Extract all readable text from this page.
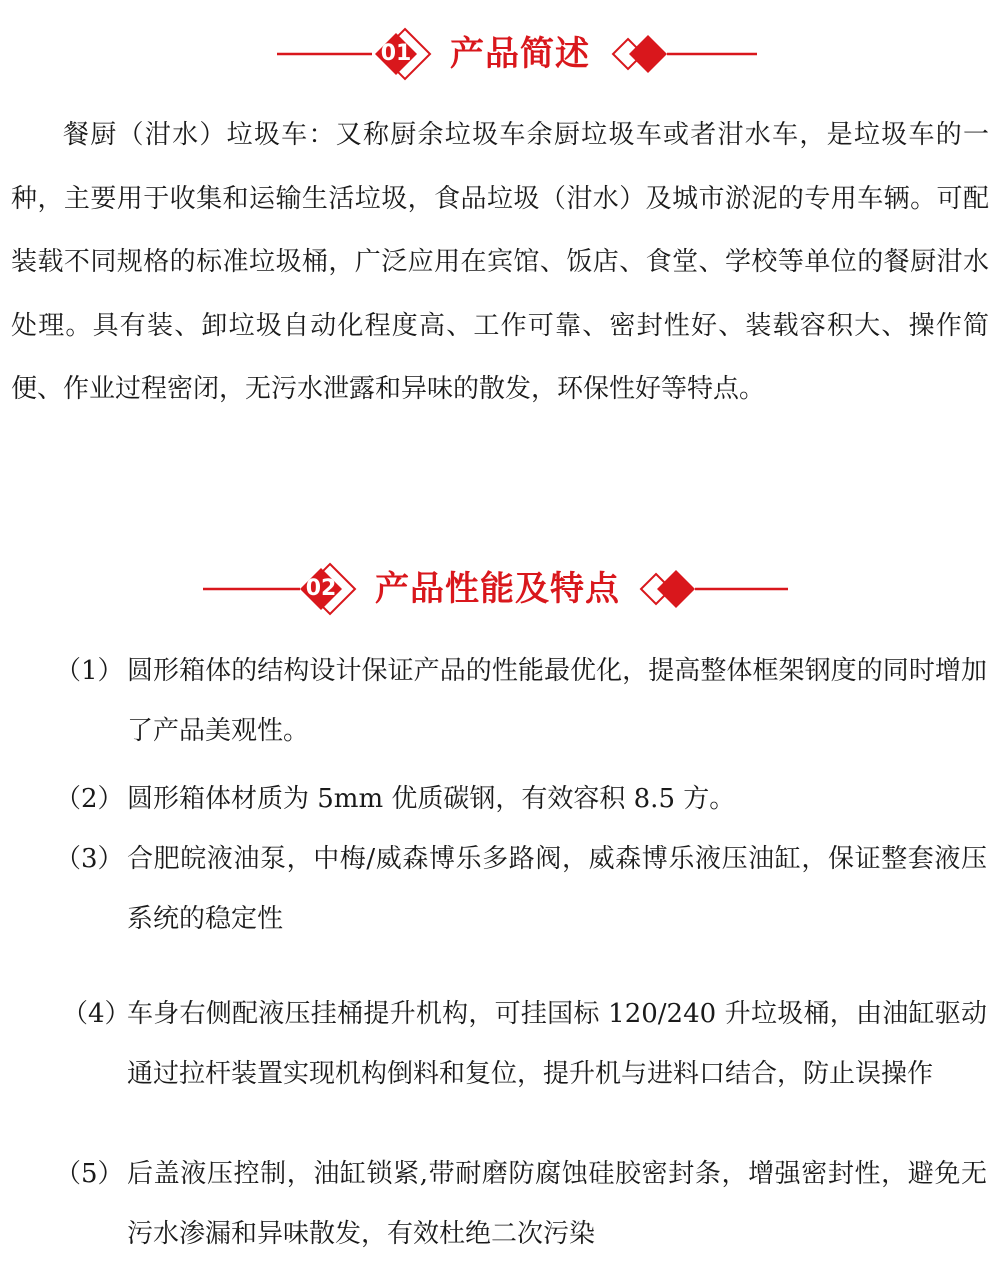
01 产品简述

餐厨（泔水）垃圾车：又称厨余垃圾车余厨垃圾车或者泔水车，是垃圾车的一种，主要用于收集和运输生活垃圾，食品垃圾（泔水）及城市淤泥的专用车辆。可配装载不同规格的标准垃圾桶，广泛应用在宾馆、饭店、食堂、学校等单位的餐厨泔水处理。具有装、卸垃圾自动化程度高、工作可靠、密封性好、装载容积大、操作简便、作业过程密闭，无污水泄露和异味的散发，环保性好等特点。

02 产品性能及特点
（1） 圆形箱体的结构设计保证产品的性能最优化，提高整体框架钢度的同时增加了产品美观性。
（2） 圆形箱体材质为 5mm 优质碳钢，有效容积 8.5 方。
（3） 合肥皖液油泵，中梅/威森博乐多路阀，威森博乐液压油缸，保证整套液压系统的稳定性
（4）
车身右侧配液压挂桶提升机构，可挂国标 120/240 升垃圾桶，由油缸驱动通过拉杆装置实现机构倒料和复位，提升机与进料口结合，防止误操作
（5） 后盖液压控制，油缸锁紧,带耐磨防腐蚀硅胶密封条，增强密封性，避免无污水渗漏和异味散发，有效杜绝二次污染
